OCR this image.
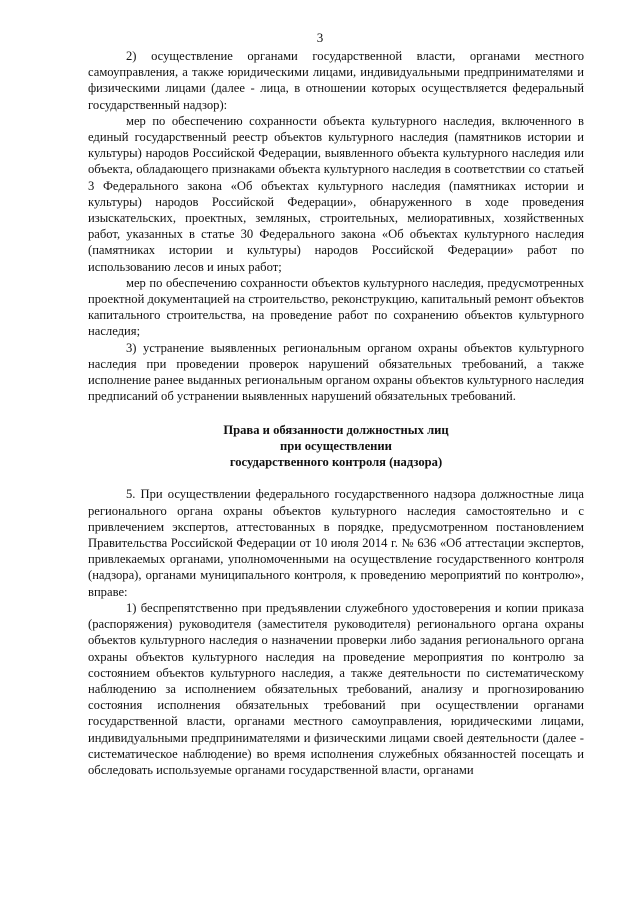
3

2) осуществление органами государственной власти, органами местного самоуправления, а также юридическими лицами, индивидуальными предпринимателями и физическими лицами (далее - лица, в отношении которых осуществляется федеральный государственный надзор):

мер по обеспечению сохранности объекта культурного наследия, включенного в единый государственный реестр объектов культурного наследия (памятников истории и культуры) народов Российской Федерации, выявленного объекта культурного наследия или объекта, обладающего признаками объекта культурного наследия в соответствии со статьей 3 Федерального закона «Об объектах культурного наследия (памятниках истории и культуры) народов Российской Федерации», обнаруженного в ходе проведения изыскательских, проектных, земляных, строительных, мелиоративных, хозяйственных работ, указанных в статье 30 Федерального закона «Об объектах культурного наследия (памятниках истории и культуры) народов Российской Федерации» работ по использованию лесов и иных работ;

мер по обеспечению сохранности объектов культурного наследия, предусмотренных проектной документацией на строительство, реконструкцию, капитальный ремонт объектов капитального строительства, на проведение работ по сохранению объектов культурного наследия;

3) устранение выявленных региональным органом охраны объектов культурного наследия при проведении проверок нарушений обязательных требований, а также исполнение ранее выданных региональным органом охраны объектов культурного наследия предписаний об устранении выявленных нарушений обязательных требований.

Права и обязанности должностных лиц
при осуществлении
государственного контроля (надзора)

5. При осуществлении федерального государственного надзора должностные лица регионального органа охраны объектов культурного наследия самостоятельно и с привлечением экспертов, аттестованных в порядке, предусмотренном постановлением Правительства Российской Федерации от 10 июля 2014 г. № 636 «Об аттестации экспертов, привлекаемых органами, уполномоченными на осуществление государственного контроля (надзора), органами муниципального контроля, к проведению мероприятий по контролю», вправе:

1) беспрепятственно при предъявлении служебного удостоверения и копии приказа (распоряжения) руководителя (заместителя руководителя) регионального органа охраны объектов культурного наследия о назначении проверки либо задания регионального органа охраны объектов культурного наследия на проведение мероприятия по контролю за состоянием объектов культурного наследия, а также деятельности по систематическому наблюдению за исполнением обязательных требований, анализу и прогнозированию состояния исполнения обязательных требований при осуществлении органами государственной власти, органами местного самоуправления, юридическими лицами, индивидуальными предпринимателями и физическими лицами своей деятельности (далее - систематическое наблюдение) во время исполнения служебных обязанностей посещать и обследовать используемые органами государственной власти, органами
